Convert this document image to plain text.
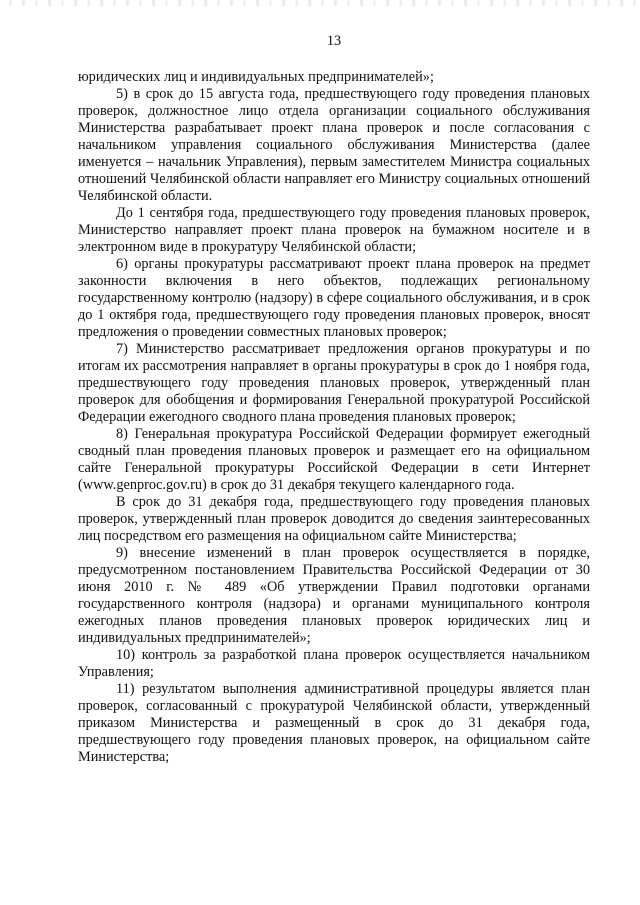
13

юридических лиц и индивидуальных предпринимателей»;

5) в срок до 15 августа года, предшествующего году проведения плановых проверок, должностное лицо отдела организации социального обслуживания Министерства разрабатывает проект плана проверок и после согласования с начальником управления социального обслуживания Министерства (далее именуется – начальник Управления), первым заместителем Министра социальных отношений Челябинской области направляет его Министру социальных отношений Челябинской области.

До 1 сентября года, предшествующего году проведения плановых проверок, Министерство направляет проект плана проверок на бумажном носителе и в электронном виде в прокуратуру Челябинской области;

6) органы прокуратуры рассматривают проект плана проверок на предмет законности включения в него объектов, подлежащих региональному государственному контролю (надзору) в сфере социального обслуживания, и в срок до 1 октября года, предшествующего году проведения плановых проверок, вносят предложения о проведении совместных плановых проверок;

7) Министерство рассматривает предложения органов прокуратуры и по итогам их рассмотрения направляет в органы прокуратуры в срок до 1 ноября года, предшествующего году проведения плановых проверок, утвержденный план проверок для обобщения и формирования Генеральной прокуратурой Российской Федерации ежегодного сводного плана проведения плановых проверок;

8) Генеральная прокуратура Российской Федерации формирует ежегодный сводный план проведения плановых проверок и размещает его на официальном сайте Генеральной прокуратуры Российской Федерации в сети Интернет (www.genproc.gov.ru) в срок до 31 декабря текущего календарного года.

В срок до 31 декабря года, предшествующего году проведения плановых проверок, утвержденный план проверок доводится до сведения заинтересованных лиц посредством его размещения на официальном сайте Министерства;

9) внесение изменений в план проверок осуществляется в порядке, предусмотренном постановлением Правительства Российской Федерации от 30 июня 2010 г. № 489 «Об утверждении Правил подготовки органами государственного контроля (надзора) и органами муниципального контроля ежегодных планов проведения плановых проверок юридических лиц и индивидуальных предпринимателей»;

10) контроль за разработкой плана проверок осуществляется начальником Управления;

11) результатом выполнения административной процедуры является план проверок, согласованный с прокуратурой Челябинской области, утвержденный приказом Министерства и размещенный в срок до 31 декабря года, предшествующего году проведения плановых проверок, на официальном сайте Министерства;
